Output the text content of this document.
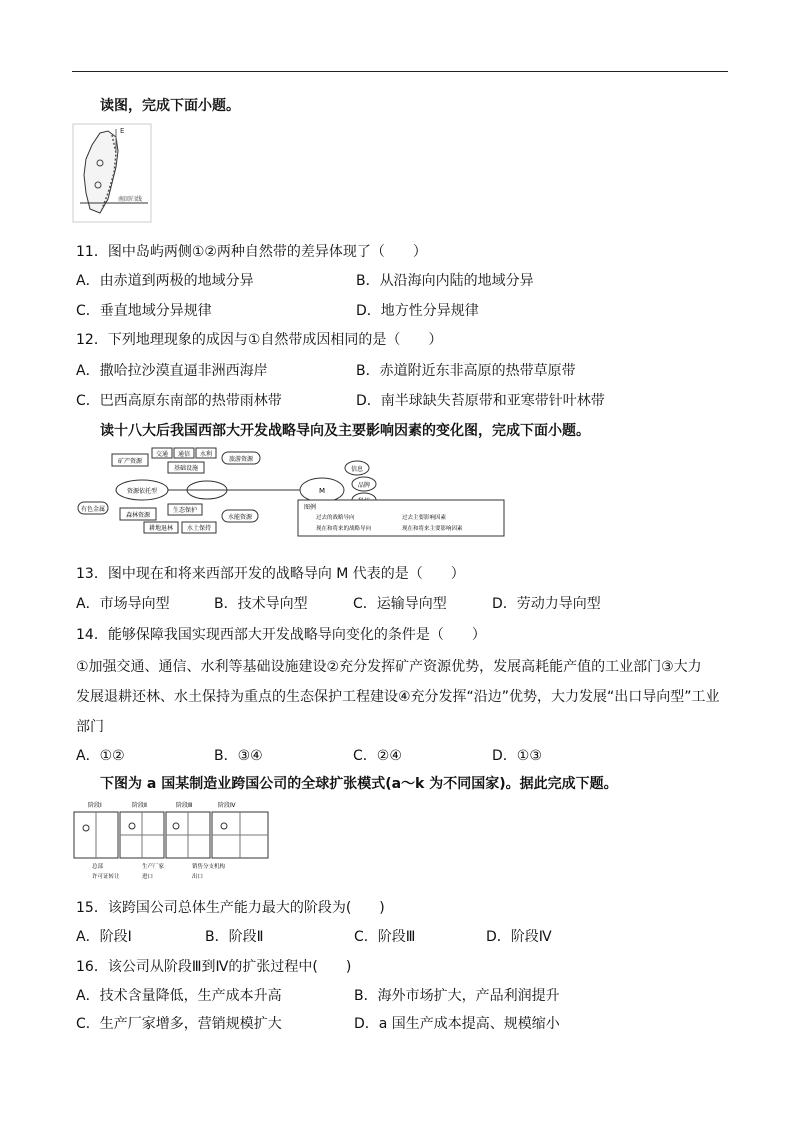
读图，完成下面小题。
E
南回归线
11．图中岛屿两侧①②两种自然带的差异体现了（　　）
A．由赤道到两极的地域分异	B．从沿海向内陆的地域分异
C．垂直地域分异规律	D．地方性分异规律
12．下列地理现象的成因与①自然带成因相同的是（　　）
A．撒哈拉沙漠直逼非洲西海岸	B．赤道附近东非高原的热带草原带
C．巴西高原东南部的热带雨林带	D．南半球缺失苔原带和亚寒带针叶林带
读十八大后我国西部大开发战略导向及主要影响因素的变化图，完成下面小题。
资源依托型	M
矿产资源
有色金属
森林资源
交通 通信 水利
基础设施
旅游资源
生态保护
耕地退林 水土保持
水能资源
信息
品牌
图例
过去的战略导向	过去主要影响因素
现在和将来的战略导向	现在和将来主要影响因素
13．图中现在和将来西部开发的战略导向 M 代表的是（　　）
A．市场导向型	B．技术导向型	C．运输导向型	D．劳动力导向型
14．能够保障我国实现西部大开发战略导向变化的条件是（　　）
①加强交通、通信、水利等基础设施建设②充分发挥矿产资源优势，发展高耗能产值的工业部门③大力
发展退耕还林、水土保持为重点的生态保护工程建设④充分发挥“沿边”优势，大力发展“出口导向型”工业
部门
A．①②	B．③④	C．②④	D．①③
下图为 a 国某制造业跨国公司的全球扩张模式(a～k 为不同国家)。据此完成下题。
阶段Ⅰ	阶段Ⅱ	阶段Ⅲ	阶段Ⅳ
总部	生产厂家	销售分支机构
许可证转让	进口	出口
15．该跨国公司总体生产能力最大的阶段为(　　)
A．阶段Ⅰ	B．阶段Ⅱ	C．阶段Ⅲ	D．阶段Ⅳ
16．该公司从阶段Ⅲ到Ⅳ的扩张过程中(　　)
A．技术含量降低，生产成本升高	B．海外市场扩大，产品利润提升
C．生产厂家增多，营销规模扩大	D．a 国生产成本提高、规模缩小
